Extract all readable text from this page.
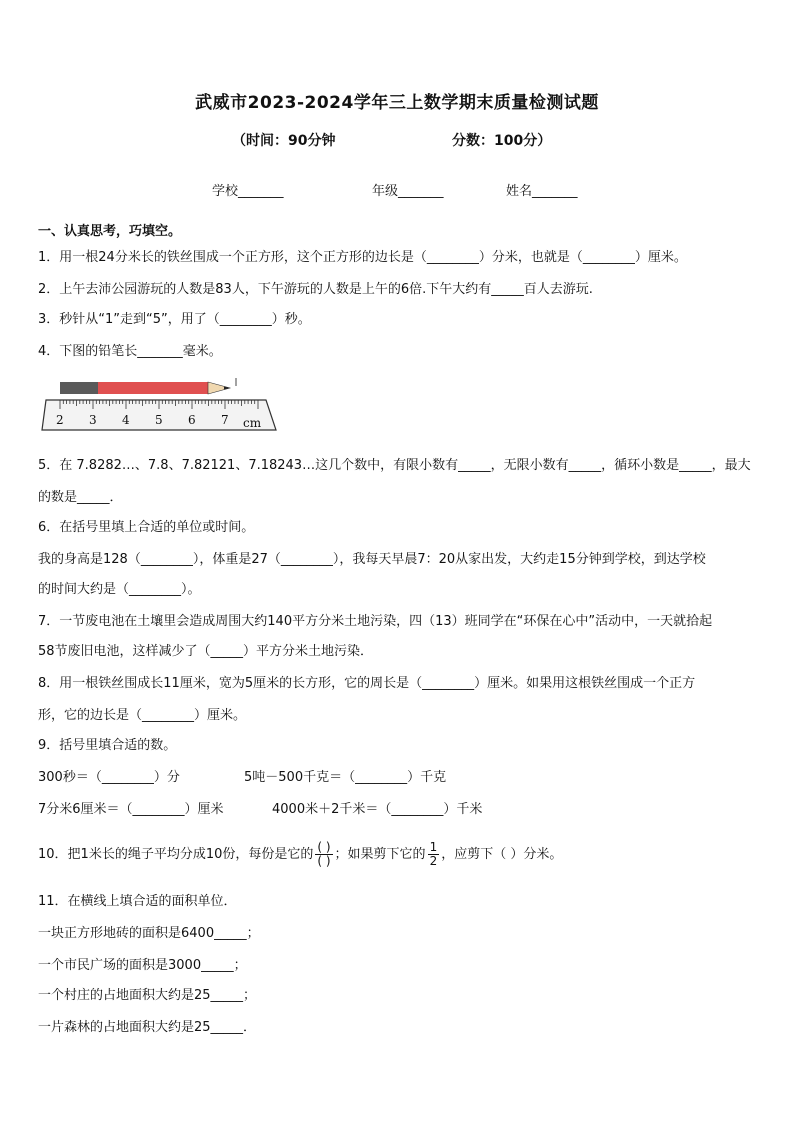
武威市2023-2024学年三上数学期末质量检测试题
（时间：90分钟	分数：100分）
学校_______	年级_______	姓名_______
一、认真思考，巧填空。
1．用一根24分米长的铁丝围成一个正方形，这个正方形的边长是（________）分米，也就是（________）厘米。
2．上午去沛公园游玩的人数是83人，下午游玩的人数是上午的6倍.下午大约有_____百人去游玩.
3．秒针从“1”走到“5”，用了（________）秒。
4．下图的铅笔长_______毫米。
2 3 4 5 6 7 cm
5．在 7.8282…、7.8、7.82121、7.18243…这几个数中，有限小数有_____，无限小数有_____，循环小数是_____，最大
的数是_____．
6．在括号里填上合适的单位或时间。
我的身高是128（________），体重是27（________），我每天早晨7：20从家出发，大约走15分钟到学校，到达学校
的时间大约是（________）。
7．一节废电池在土壤里会造成周围大约140平方分米土地污染，四（13）班同学在“环保在心中”活动中，一天就拾起
58节废旧电池，这样减少了（_____）平方分米土地污染．
8．用一根铁丝围成长11厘米，宽为5厘米的长方形，它的周长是（________）厘米。如果用这根铁丝围成一个正方
形，它的边长是（________）厘米。
9．括号里填合适的数。
300秒＝（________）分	5吨－500千克＝（________）千克
7分米6厘米＝（________）厘米	4000米＋2千米＝（________）千米
10．把1米长的绳子平均分成10份，每份是它的 $\frac{( )}{( )}$ ；如果剪下它的 $\frac{1}{2}$ ，应剪下（ ）分米。
11．在横线上填合适的面积单位．
一块正方形地砖的面积是6400_____；
一个市民广场的面积是3000_____；
一个村庄的占地面积大约是25_____；
一片森林的占地面积大约是25_____．
